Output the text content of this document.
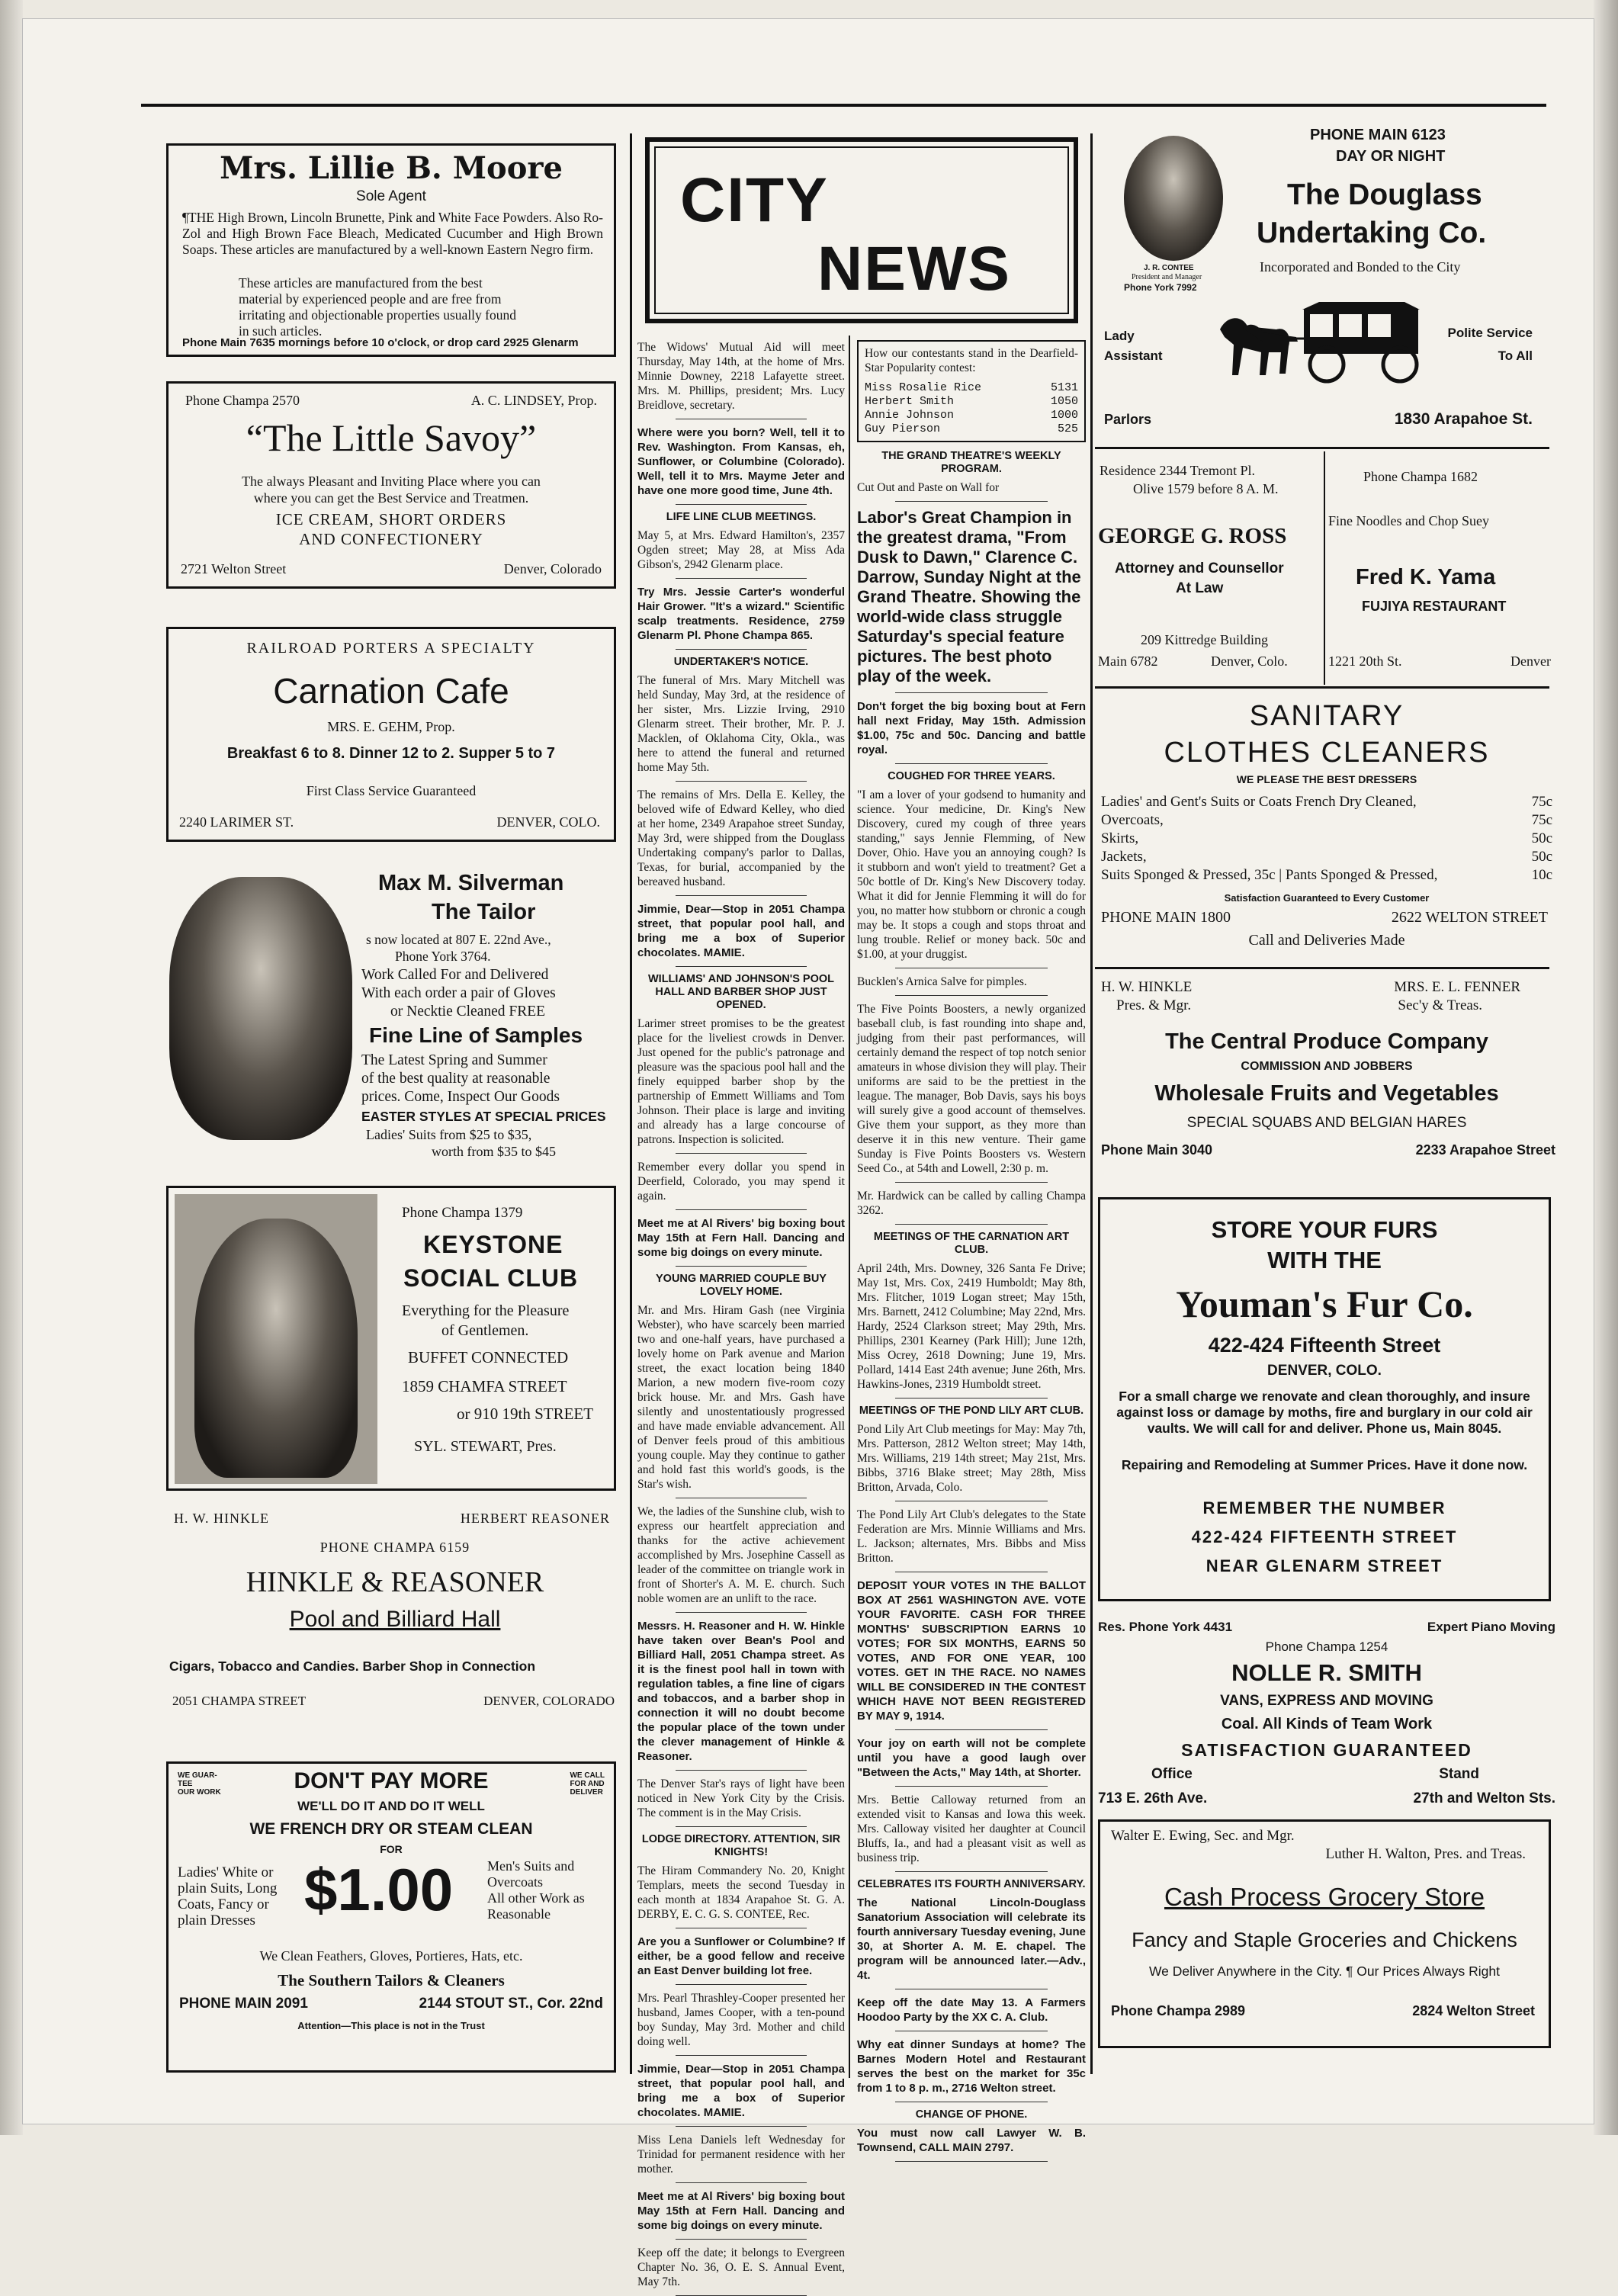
Mrs. Lillie B. Moore
Sole Agent
¶THE High Brown, Lincoln Brunette, Pink and White Face Powders. Also Ro-Zol and High Brown Face Bleach, Medicated Cucumber and High Brown Soaps. These articles are manufactured by a well-known Eastern Negro firm.
These articles are manufactured from the best material by experienced people and are free from irritating and objectionable properties usually found in such articles.
Phone Main 7635 mornings before 10 o'clock, or drop card 2925 Glenarm
Phone Champa 2570	A. C. LINDSEY, Prop.
“The Little Savoy”
The always Pleasant and Inviting Place where you can
where you can get the Best Service and Treatmen.
ICE CREAM, SHORT ORDERS
AND CONFECTIONERY
2721 Welton Street	Denver, Colorado
RAILROAD PORTERS A SPECIALTY
Carnation Cafe
MRS. E. GEHM, Prop.
Breakfast 6 to 8. Dinner 12 to 2. Supper 5 to 7
First Class Service Guaranteed
2240 LARIMER ST.	DENVER, COLO.
Max M. Silverman
The Tailor
s now located at 807 E. 22nd Ave.,
Phone York 3764.
Work Called For and Delivered
With each order a pair of Gloves
or Necktie Cleaned FREE
Fine Line of Samples
The Latest Spring and Summer
of the best quality at reasonable
prices. Come, Inspect Our Goods
EASTER STYLES AT SPECIAL PRICES
Ladies' Suits from $25 to $35,
worth from $35 to $45
Phone Champa 1379
KEYSTONE
SOCIAL CLUB
Everything for the Pleasure
of Gentlemen.
BUFFET CONNECTED
1859 CHAMFA STREET
or 910 19th STREET
SYL. STEWART, Pres.
H. W. HINKLE	HERBERT REASONER
PHONE CHAMPA 6159
HINKLE & REASONER
Pool and Billiard Hall
Cigars, Tobacco and Candies. Barber Shop in Connection
2051 CHAMPA STREET	DENVER, COLORADO
WE GUAR-
TEE
OUR WORK
WE CALL
FOR AND
DELIVER
DON'T PAY MORE
WE'LL DO IT AND DO IT WELL
WE FRENCH DRY OR STEAM CLEAN
FOR
Ladies' White or
plain Suits, Long
Coats, Fancy or
plain Dresses $1.00 Men's Suits and
Overcoats
All other Work as
Reasonable
We Clean Feathers, Gloves, Portieres, Hats, etc.
The Southern Tailors & Cleaners
PHONE MAIN 2091	2144 STOUT ST., Cor. 22nd
Attention—This place is not in the Trust
CITY
NEWS

The Widows' Mutual Aid will meet Thursday, May 14th, at the home of Mrs. Minnie Downey, 2218 Lafayette street. Mrs. M. Phillips, president; Mrs. Lucy Breidlove, secretary.

Where were you born? Well, tell it to Rev. Washington. From Kansas, eh, Sunflower, or Columbine (Colorado). Well, tell it to Mrs. Mayme Jeter and have one more good time, June 4th.

LIFE LINE CLUB MEETINGS.

May 5, at Mrs. Edward Hamilton's, 2357 Ogden street; May 28, at Miss Ada Gibson's, 2942 Glenarm place.

Try Mrs. Jessie Carter's wonderful Hair Grower. "It's a wizard." Scientific scalp treatments. Residence, 2759 Glenarm Pl. Phone Champa 865.

UNDERTAKER'S NOTICE.

The funeral of Mrs. Mary Mitchell was held Sunday, May 3rd, at the residence of her sister, Mrs. Lizzie Irving, 2910 Glenarm street. Their brother, Mr. P. J. Macklen, of Oklahoma City, Okla., was here to attend the funeral and returned home May 5th.

The remains of Mrs. Della E. Kelley, the beloved wife of Edward Kelley, who died at her home, 2349 Arapahoe street Sunday, May 3rd, were shipped from the Douglass Undertaking company's parlor to Dallas, Texas, for burial, accompanied by the bereaved husband.

Jimmie, Dear—Stop in 2051 Champa street, that popular pool hall, and bring me a box of Superior chocolates. MAMIE.

WILLIAMS' AND JOHNSON'S POOL HALL AND BARBER SHOP JUST OPENED.

Larimer street promises to be the greatest place for the liveliest crowds in Denver. Just opened for the public's patronage and pleasure was the spacious pool hall and the finely equipped barber shop by the partnership of Emmett Williams and Tom Johnson. Their place is large and inviting and already has a large concourse of patrons. Inspection is solicited.

Remember every dollar you spend in Deerfield, Colorado, you may spend it again.

Meet me at Al Rivers' big boxing bout May 15th at Fern Hall. Dancing and some big doings on every minute.

YOUNG MARRIED COUPLE BUY LOVELY HOME.

Mr. and Mrs. Hiram Gash (nee Virginia Webster), who have scarcely been married two and one-half years, have purchased a lovely home on Park avenue and Marion street, the exact location being 1840 Marion, a new modern five-room cozy brick house. Mr. and Mrs. Gash have silently and unostentatiously progressed and have made enviable advancement. All of Denver feels proud of this ambitious young couple. May they continue to gather and hold fast this world's goods, is the Star's wish.

We, the ladies of the Sunshine club, wish to express our heartfelt appreciation and thanks for the active achievement accomplished by Mrs. Josephine Cassell as leader of the committee on triangle work in front of Shorter's A. M. E. church. Such noble women are an unlift to the race.

Messrs. H. Reasoner and H. W. Hinkle have taken over Bean's Pool and Billiard Hall, 2051 Champa street. As it is the finest pool hall in town with regulation tables, a fine line of cigars and tobaccos, and a barber shop in connection it will no doubt become the popular place of the town under the clever management of Hinkle & Reasoner.

The Denver Star's rays of light have been noticed in New York City by the Crisis. The comment is in the May Crisis.

LODGE DIRECTORY. ATTENTION, SIR KNIGHTS!

The Hiram Commandery No. 20, Knight Templars, meets the second Tuesday in each month at 1834 Arapahoe St. G. A. DERBY, E. C. G. S. CONTEE, Rec.

Are you a Sunflower or Columbine? If either, be a good fellow and receive an East Denver building lot free.

Mrs. Pearl Thrashley-Cooper presented her husband, James Cooper, with a ten-pound boy Sunday, May 3rd. Mother and child doing well.

Jimmie, Dear—Stop in 2051 Champa street, that popular pool hall, and bring me a box of Superior chocolates. MAMIE.

Miss Lena Daniels left Wednesday for Trinidad for permanent residence with her mother.

Meet me at Al Rivers' big boxing bout May 15th at Fern Hall. Dancing and some big doings on every minute.

Keep off the date; it belongs to Evergreen Chapter No. 36, O. E. S. Annual Event, May 7th.

How our contestants stand in the Dearfield-Star Popularity contest:

Miss Rosalie Rice	5131
Herbert Smith	1050
Annie Johnson	1000
Guy Pierson	525
THE GRAND THEATRE'S WEEKLY PROGRAM.

Cut Out and Paste on Wall for

Labor's Great Champion in the greatest drama, "From Dusk to Dawn," Clarence C. Darrow, Sunday Night at the Grand Theatre. Showing the world-wide class struggle Saturday's special feature pictures. The best photo play of the week.

Don't forget the big boxing bout at Fern hall next Friday, May 15th. Admission $1.00, 75c and 50c. Dancing and battle royal.

COUGHED FOR THREE YEARS.

"I am a lover of your godsend to humanity and science. Your medicine, Dr. King's New Discovery, cured my cough of three years standing," says Jennie Flemming, of New Dover, Ohio. Have you an annoying cough? Is it stubborn and won't yield to treatment? Get a 50c bottle of Dr. King's New Discovery today. What it did for Jennie Flemming it will do for you, no matter how stubborn or chronic a cough may be. It stops a cough and stops throat and lung trouble. Relief or money back. 50c and $1.00, at your druggist.

Bucklen's Arnica Salve for pimples.

The Five Points Boosters, a newly organized baseball club, is fast rounding into shape and, judging from their past performances, will certainly demand the respect of top notch senior amateurs in whose division they will play. Their uniforms are said to be the prettiest in the league. The manager, Bob Davis, says his boys will surely give a good account of themselves. Give them your support, as they more than deserve it in this new venture. Their game Sunday is Five Points Boosters vs. Western Seed Co., at 54th and Lowell, 2:30 p. m.

Mr. Hardwick can be called by calling Champa 3262.

MEETINGS OF THE CARNATION ART CLUB.

April 24th, Mrs. Downey, 326 Santa Fe Drive; May 1st, Mrs. Cox, 2419 Humboldt; May 8th, Mrs. Flitcher, 1019 Logan street; May 15th, Mrs. Barnett, 2412 Columbine; May 22nd, Mrs. Hardy, 2524 Clarkson street; May 29th, Mrs. Phillips, 2301 Kearney (Park Hill); June 12th, Miss Ocrey, 2618 Downing; June 19, Mrs. Pollard, 1414 East 24th avenue; June 26th, Mrs. Hawkins-Jones, 2319 Humboldt street.

MEETINGS OF THE POND LILY ART CLUB.

Pond Lily Art Club meetings for May: May 7th, Mrs. Patterson, 2812 Welton street; May 14th, Mrs. Williams, 219 14th street; May 21st, Mrs. Bibbs, 3716 Blake street; May 28th, Miss Britton, Arvada, Colo.

The Pond Lily Art Club's delegates to the State Federation are Mrs. Minnie Williams and Mrs. L. Jackson; alternates, Mrs. Bibbs and Miss Britton.

DEPOSIT YOUR VOTES IN THE BALLOT BOX AT 2561 WASHINGTON AVE. VOTE YOUR FAVORITE. CASH FOR THREE MONTHS' SUBSCRIPTION EARNS 10 VOTES; FOR SIX MONTHS, EARNS 50 VOTES, AND FOR ONE YEAR, 100 VOTES. GET IN THE RACE. NO NAMES WILL BE CONSIDERED IN THE CONTEST WHICH HAVE NOT BEEN REGISTERED BY MAY 9, 1914.

Your joy on earth will not be complete until you have a good laugh over "Between the Acts," May 14th, at Shorter.

Mrs. Bettie Calloway returned from an extended visit to Kansas and Iowa this week. Mrs. Calloway visited her daughter at Council Bluffs, Ia., and had a pleasant visit as well as business trip.

CELEBRATES ITS FOURTH ANNIVERSARY.

The National Lincoln-Douglass Sanatorium Association will celebrate its fourth anniversary Tuesday evening, June 30, at Shorter A. M. E. chapel. The program will be announced later.—Adv., 4t.

Keep off the date May 13. A Farmers Hoodoo Party by the XX C. A. Club.

Why eat dinner Sundays at home? The Barnes Modern Hotel and Restaurant serves the best on the market for 35c from 1 to 8 p. m., 2716 Welton street.

CHANGE OF PHONE.

You must now call Lawyer W. B. Townsend, CALL MAIN 2797.

J. R. CONTEE
President and Manager
Phone York 7992
PHONE MAIN 6123
DAY OR NIGHT
The Douglass
Undertaking Co.
Incorporated and Bonded to the City
Lady
Assistant
Polite Service
To All
Parlors	1830 Arapahoe St.
Residence 2344 Tremont Pl.
Olive 1579 before 8 A. M.
GEORGE G. ROSS
Attorney and Counsellor
At Law
209 Kittredge Building
Main 6782	Denver, Colo.
Phone Champa 1682
Fine Noodles and Chop Suey
Fred K. Yama
FUJIYA RESTAURANT
1221 20th St.	Denver
SANITARY
CLOTHES CLEANERS
WE PLEASE THE BEST DRESSERS
Ladies' and Gent's Suits or Coats French Dry Cleaned,	75c
Overcoats,	75c
Skirts,	50c
Jackets,	50c
Suits Sponged & Pressed, 35c | Pants Sponged & Pressed,	10c
Satisfaction Guaranteed to Every Customer
PHONE MAIN 1800	2622 WELTON STREET
Call and Deliveries Made
H. W. HINKLE
Pres. & Mgr.
MRS. E. L. FENNER
Sec'y & Treas.
The Central Produce Company
COMMISSION AND JOBBERS
Wholesale Fruits and Vegetables
SPECIAL SQUABS AND BELGIAN HARES
Phone Main 3040	2233 Arapahoe Street
STORE YOUR FURS
WITH THE
Youman's Fur Co.
422-424 Fifteenth Street
DENVER, COLO.
For a small charge we renovate and clean thoroughly, and insure against loss or damage by moths, fire and burglary in our cold air vaults. We will call for and deliver. Phone us, Main 8045.
Repairing and Remodeling at Summer Prices. Have it done now.
REMEMBER THE NUMBER
422-424 FIFTEENTH STREET
NEAR GLENARM STREET
Res. Phone York 4431	Expert Piano Moving
Phone Champa 1254
NOLLE R. SMITH
VANS, EXPRESS AND MOVING
Coal. All Kinds of Team Work
SATISFACTION GUARANTEED
Office	Stand
713 E. 26th Ave.	27th and Welton Sts.
Walter E. Ewing, Sec. and Mgr.
Luther H. Walton, Pres. and Treas.
Cash Process Grocery Store
Fancy and Staple Groceries and Chickens
We Deliver Anywhere in the City. ¶ Our Prices Always Right
Phone Champa 2989	2824 Welton Street
